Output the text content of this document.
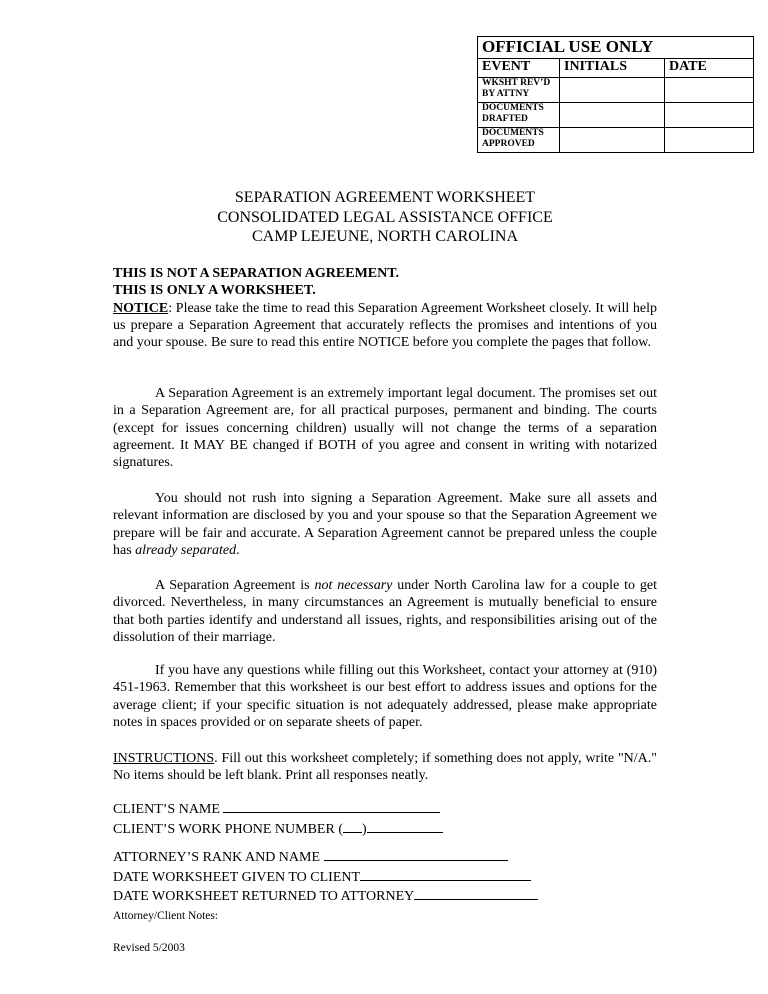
OFFICIAL USE ONLY		
EVENT	INITIALS	DATE
WKSHT REV’D BY ATTNY		
DOCUMENTS DRAFTED		
DOCUMENTS APPROVED		
SEPARATION AGREEMENT WORKSHEET
CONSOLIDATED LEGAL ASSISTANCE OFFICE
CAMP LEJEUNE, NORTH CAROLINA
THIS IS NOT A SEPARATION AGREEMENT.
THIS IS ONLY A WORKSHEET.

NOTICE: Please take the time to read this Separation Agreement Worksheet closely. It will help us prepare a Separation Agreement that accurately reflects the promises and intentions of you and your spouse. Be sure to read this entire NOTICE before you complete the pages that follow.

A Separation Agreement is an extremely important legal document. The promises set out in a Separation Agreement are, for all practical purposes, permanent and binding. The courts (except for issues concerning children) usually will not change the terms of a separation agreement. It MAY BE changed if BOTH of you agree and consent in writing with notarized signatures.

You should not rush into signing a Separation Agreement. Make sure all assets and relevant information are disclosed by you and your spouse so that the Separation Agreement we prepare will be fair and accurate. A Separation Agreement cannot be prepared unless the couple has already separated.

A Separation Agreement is not necessary under North Carolina law for a couple to get divorced. Nevertheless, in many circumstances an Agreement is mutually beneficial to ensure that both parties identify and understand all issues, rights, and responsibilities arising out of the dissolution of their marriage.

If you have any questions while filling out this Worksheet, contact your attorney at (910) 451-1963. Remember that this worksheet is our best effort to address issues and options for the average client; if your specific situation is not adequately addressed, please make appropriate notes in spaces provided or on separate sheets of paper.

INSTRUCTIONS. Fill out this worksheet completely; if something does not apply, write "N/A." No items should be left blank. Print all responses neatly.

CLIENT’S NAME
CLIENT’S WORK PHONE NUMBER ( )
ATTORNEY’S RANK AND NAME
DATE WORKSHEET GIVEN TO CLIENT
DATE WORKSHEET RETURNED TO ATTORNEY
Attorney/Client Notes:
Revised 5/2003
